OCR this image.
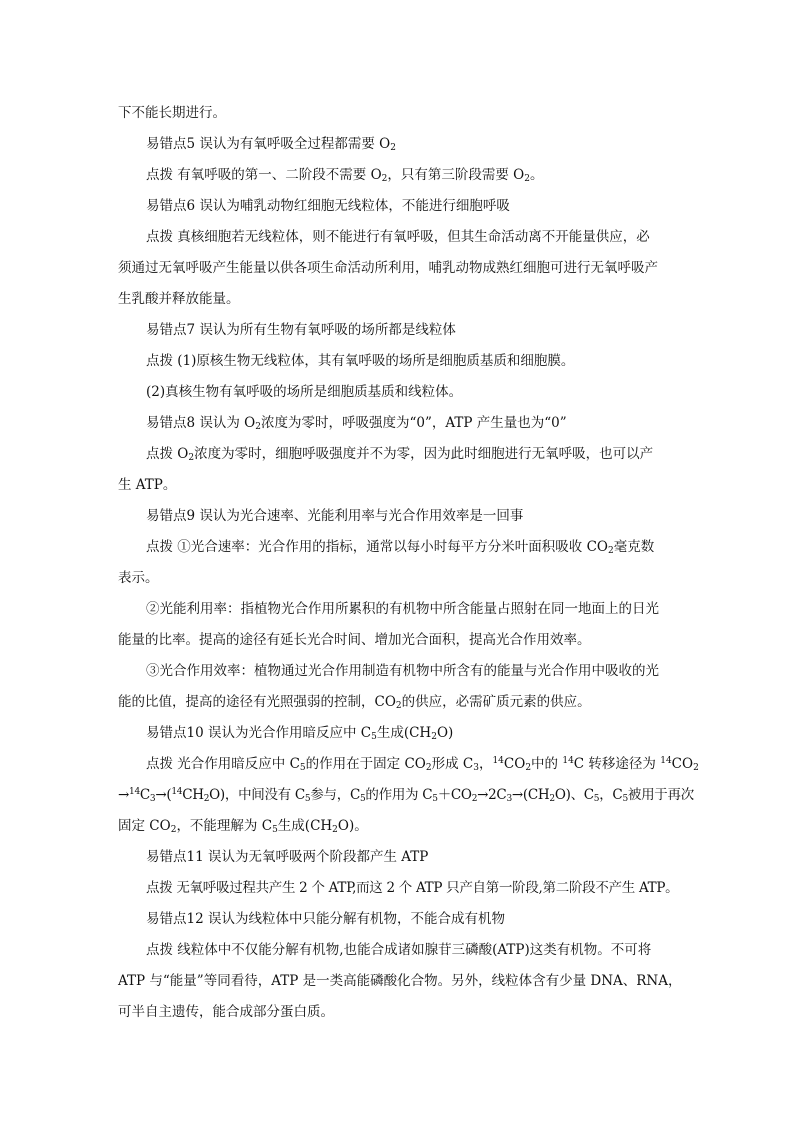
下不能长期进行。
易错点5 误认为有氧呼吸全过程都需要 $O_2$
点拨 有氧呼吸的第一、二阶段不需要 $O_2$，只有第三阶段需要 $O_2$。
易错点6 误认为哺乳动物红细胞无线粒体，不能进行细胞呼吸
点拨 真核细胞若无线粒体，则不能进行有氧呼吸，但其生命活动离不开能量供应，必
须通过无氧呼吸产生能量以供各项生命活动所利用，哺乳动物成熟红细胞可进行无氧呼吸产
生乳酸并释放能量。
易错点7 误认为所有生物有氧呼吸的场所都是线粒体
点拨 (1)原核生物无线粒体，其有氧呼吸的场所是细胞质基质和细胞膜。
(2)真核生物有氧呼吸的场所是细胞质基质和线粒体。
易错点8 误认为 $O_2$浓度为零时，呼吸强度为“0”，ATP 产生量也为“0”
点拨 $O_2$浓度为零时，细胞呼吸强度并不为零，因为此时细胞进行无氧呼吸，也可以产
生 ATP。
易错点9 误认为光合速率、光能利用率与光合作用效率是一回事
点拨 ①光合速率：光合作用的指标，通常以每小时每平方分米叶面积吸收 $CO_2$毫克数
表示。
②光能利用率：指植物光合作用所累积的有机物中所含能量占照射在同一地面上的日光
能量的比率。提高的途径有延长光合时间、增加光合面积，提高光合作用效率。
③光合作用效率：植物通过光合作用制造有机物中所含有的能量与光合作用中吸收的光
能的比值，提高的途径有光照强弱的控制，$CO_2$的供应，必需矿质元素的供应。
易错点10 误认为光合作用暗反应中 $C_5$生成$(CH_2O)$
点拨 光合作用暗反应中 $C_5$的作用在于固定 $CO_2$形成 $C_3$，$^{14}CO_2$中的 $^{14}$C 转移途径为 $^{14}CO_2$
$\to^{14}C_3\to(^{14}CH_2O)$，中间没有 $C_5$参与，$C_5$的作用为 $C_5+CO_2\to 2C_3\to(CH_2O)$、$C_5$，$C_5$被用于再次
固定 $CO_2$，不能理解为 $C_5$生成$(CH_2O)$。
易错点11 误认为无氧呼吸两个阶段都产生 ATP
点拨 无氧呼吸过程共产生 2 个 ATP,而这 2 个 ATP 只产自第一阶段,第二阶段不产生 ATP。
易错点12 误认为线粒体中只能分解有机物，不能合成有机物
点拨 线粒体中不仅能分解有机物,也能合成诸如腺苷三磷酸(ATP)这类有机物。不可将
ATP 与“能量”等同看待，ATP 是一类高能磷酸化合物。另外，线粒体含有少量 DNA、RNA，
可半自主遗传，能合成部分蛋白质。
